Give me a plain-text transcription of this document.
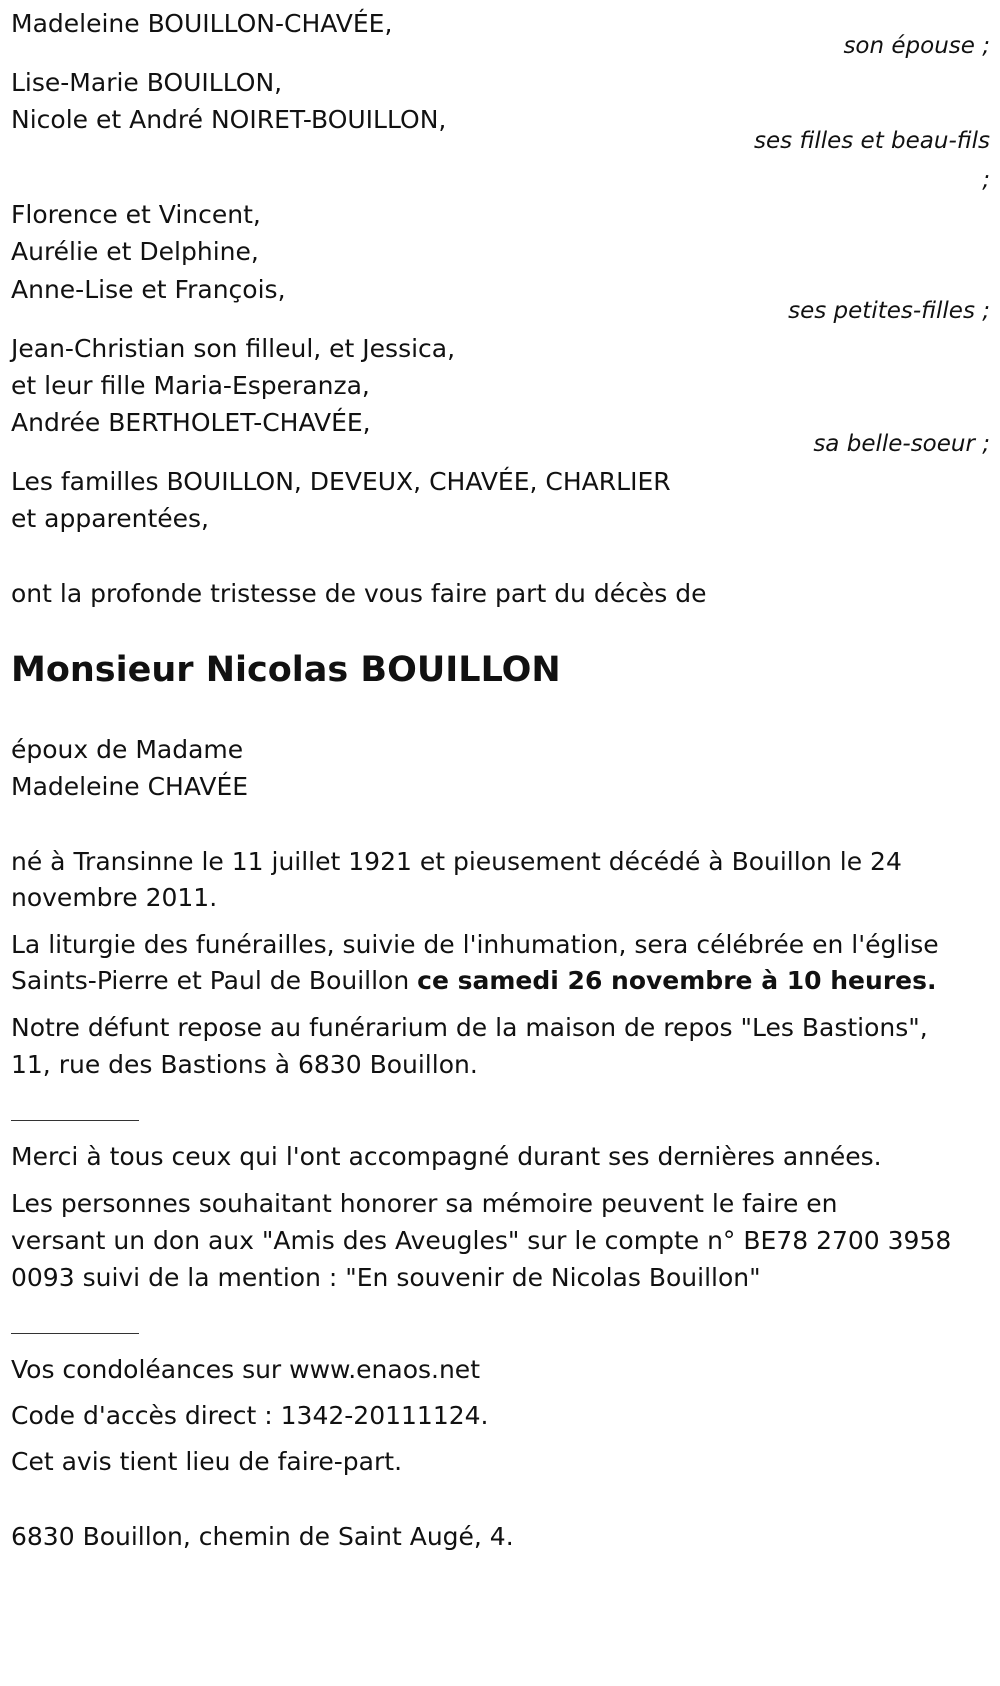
Madeleine BOUILLON-CHAVÉE,
son épouse ;
Lise-Marie BOUILLON,
Nicole et André NOIRET-BOUILLON,
ses filles et beau-fils
;
Florence et Vincent,
Aurélie et Delphine,
Anne-Lise et François,
ses petites-filles ;
Jean-Christian son filleul, et Jessica,
et leur fille Maria-Esperanza,
Andrée BERTHOLET-CHAVÉE,
sa belle-soeur ;
Les familles BOUILLON, DEVEUX, CHAVÉE, CHARLIER
et apparentées,
ont la profonde tristesse de vous faire part du décès de
Monsieur Nicolas BOUILLON
époux de Madame
Madeleine CHAVÉE
né à Transinne le 11 juillet 1921 et pieusement décédé à Bouillon le 24
novembre 2011.
La liturgie des funérailles, suivie de l'inhumation, sera célébrée en l'église
Saints-Pierre et Paul de Bouillon ce samedi 26 novembre à 10 heures.
Notre défunt repose au funérarium de la maison de repos "Les Bastions",
11, rue des Bastions à 6830 Bouillon.
Merci à tous ceux qui l'ont accompagné durant ses dernières années.
Les personnes souhaitant honorer sa mémoire peuvent le faire en
versant un don aux "Amis des Aveugles" sur le compte n° BE78 2700 3958
0093 suivi de la mention : "En souvenir de Nicolas Bouillon"
Vos condoléances sur www.enaos.net
Code d'accès direct : 1342-20111124.
Cet avis tient lieu de faire-part.
6830 Bouillon, chemin de Saint Augé, 4.
